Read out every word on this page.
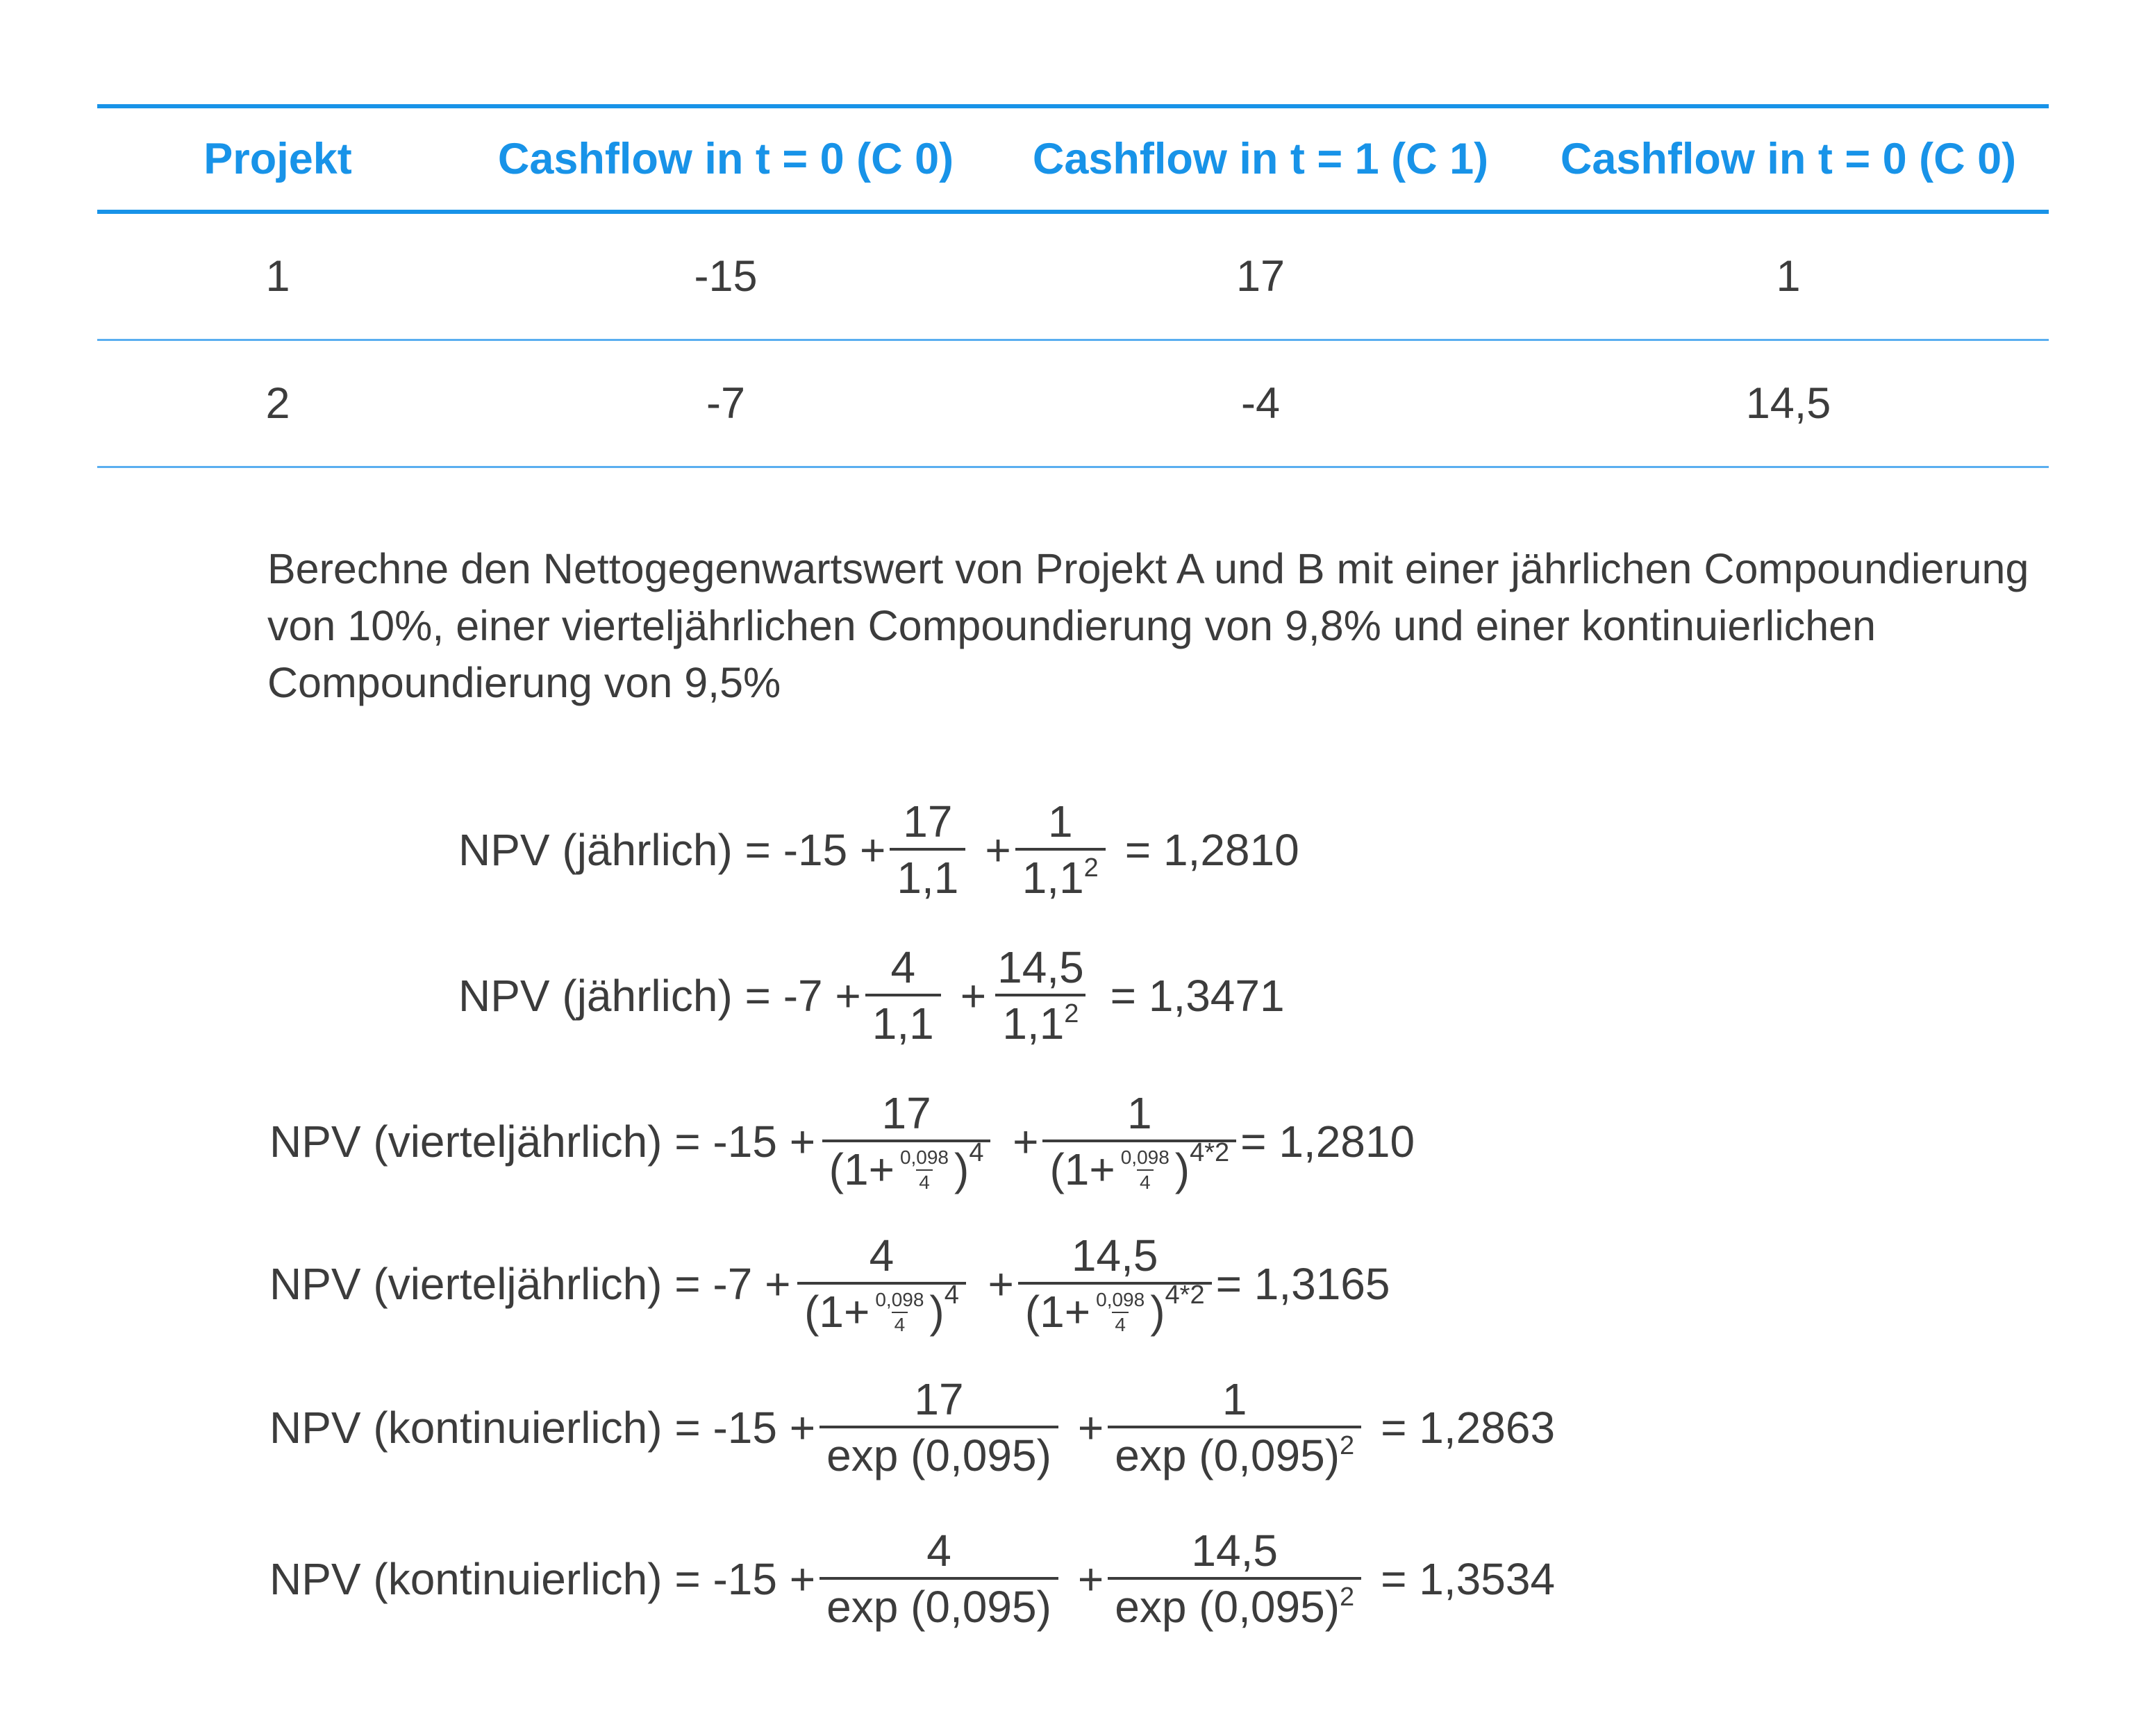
Projekt	Cashflow in t = 0 (C 0)	Cashflow in t = 1 (C 1)	Cashflow in t = 0 (C 0)
1	-15	17	1
2	-7	-4	14,5

Berechne den Nettogegenwartswert von Projekt A und B mit einer jährlichen Compoundierung von 10%, einer vierteljährlichen Compoundierung von 9,8% und einer kontinuierlichen Compoundierung von 9,5%

NPV (jährlich) = $-15 + \frac{17}{1,1} + \frac{1}{1,1^2} = 1,2810$
NPV (jährlich) = $-7 + \frac{4}{1,1} + \frac{14,5}{1,1^2} = 1,3471$
NPV (vierteljährlich) = $-15 + \frac{17}{(1+ \frac{0,098}{4} ) 4} + \frac{1}{(1+ \frac{0,098}{4} ) 4*2} = 1,2810$
NPV (vierteljährlich) = $-7 + \frac{4}{(1+ \frac{0,098}{4} ) 4} + \frac{14,5}{(1+ \frac{0,098}{4} ) 4*2} = 1,3165$
NPV (kontinuierlich) = $-15 + \frac{17}{\exp (0,095)} + \frac{1}{\exp (0,095)^2} = 1,2863$
NPV (kontinuierlich) = $-15 + \frac{4}{\exp (0,095)} + \frac{14,5}{\exp (0,095)^2} = 1,3534$
